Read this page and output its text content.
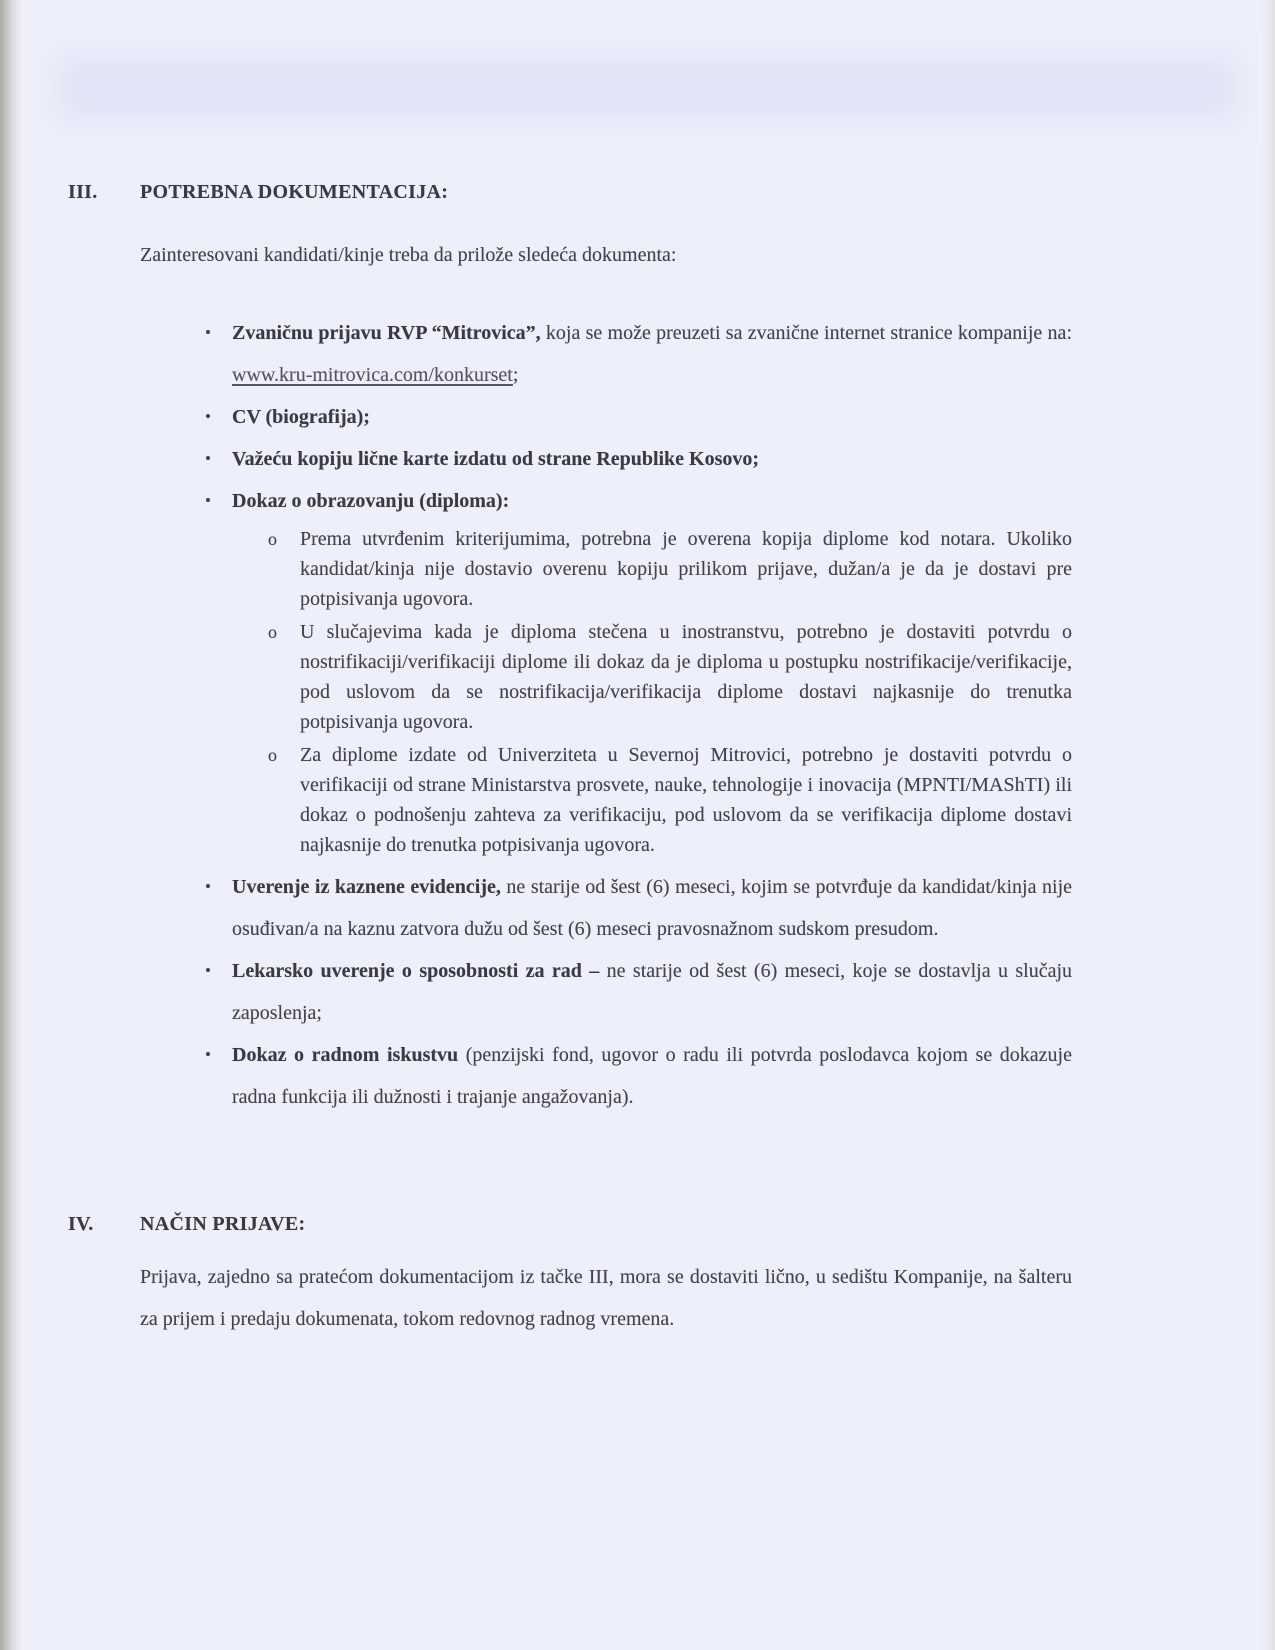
III.	POTREBNA DOKUMENTACIJA:

Zainteresovani kandidati/kinje treba da prilože sledeća dokumenta:

•	Zvaničnu prijavu RVP “Mitrovica”, koja se može preuzeti sa zvanične internet stranice kompanije na: www.kru-mitrovica.com/konkurset;
•	CV (biografija);
•	Važeću kopiju lične karte izdatu od strane Republike Kosovo;
•	Dokaz o obrazovanju (diploma):
o	Prema utvrđenim kriterijumima, potrebna je overena kopija diplome kod notara. Ukoliko kandidat/kinja nije dostavio overenu kopiju prilikom prijave, dužan/a je da je dostavi pre potpisivanja ugovora.
o	U slučajevima kada je diploma stečena u inostranstvu, potrebno je dostaviti potvrdu o nostrifikaciji/verifikaciji diplome ili dokaz da je diploma u postupku nostrifikacije/verifikacije, pod uslovom da se nostrifikacija/verifikacija diplome dostavi najkasnije do trenutka potpisivanja ugovora.
o	Za diplome izdate od Univerziteta u Severnoj Mitrovici, potrebno je dostaviti potvrdu o verifikaciji od strane Ministarstva prosvete, nauke, tehnologije i inovacija (MPNTI/MAShTI) ili dokaz o podnošenju zahteva za verifikaciju, pod uslovom da se verifikacija diplome dostavi najkasnije do trenutka potpisivanja ugovora.
•	Uverenje iz kaznene evidencije, ne starije od šest (6) meseci, kojim se potvrđuje da kandidat/kinja nije osuđivan/a na kaznu zatvora dužu od šest (6) meseci pravosnažnom sudskom presudom.
•	Lekarsko uverenje o sposobnosti za rad – ne starije od šest (6) meseci, koje se dostavlja u slučaju zaposlenja;
•	Dokaz o radnom iskustvu (penzijski fond, ugovor o radu ili potvrda poslodavca kojom se dokazuje radna funkcija ili dužnosti i trajanje angažovanja).
IV.	NAČIN PRIJAVE:

Prijava, zajedno sa pratećom dokumentacijom iz tačke III, mora se dostaviti lično, u sedištu Kompanije, na šalteru za prijem i predaju dokumenata, tokom redovnog radnog vremena.
